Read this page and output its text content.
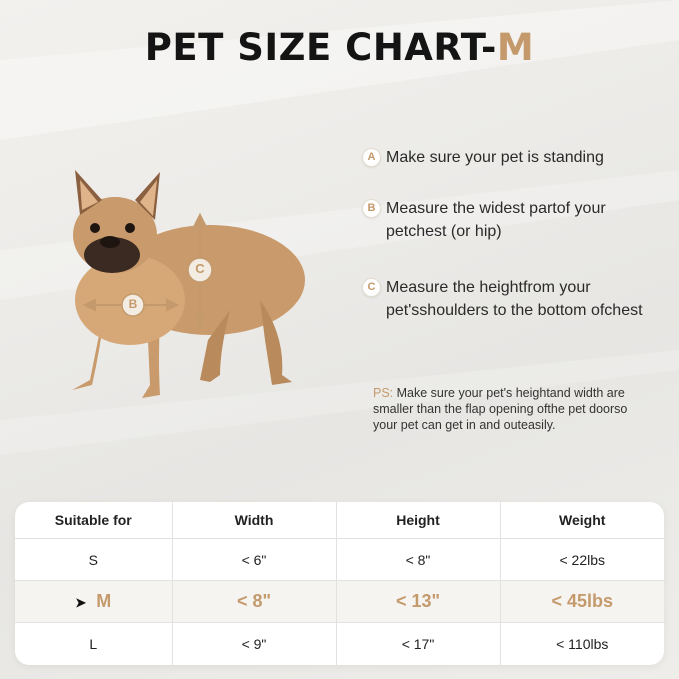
PET SIZE CHART-M
C
B
A Make sure your pet is standing
B Measure the widest partof your petchest (or hip)
C Measure the heightfrom your pet'sshoulders to the bottom ofchest
PS: Make sure your pet's heightand width are smaller than the flap opening ofthe pet doorso your pet can get in and outeasily.
Suitable for	Width	Height	Weight
S	< 6"	< 8"	< 22lbs
➤ M	< 8"	< 13"	< 45lbs
L	< 9"	< 17"	< 110lbs
